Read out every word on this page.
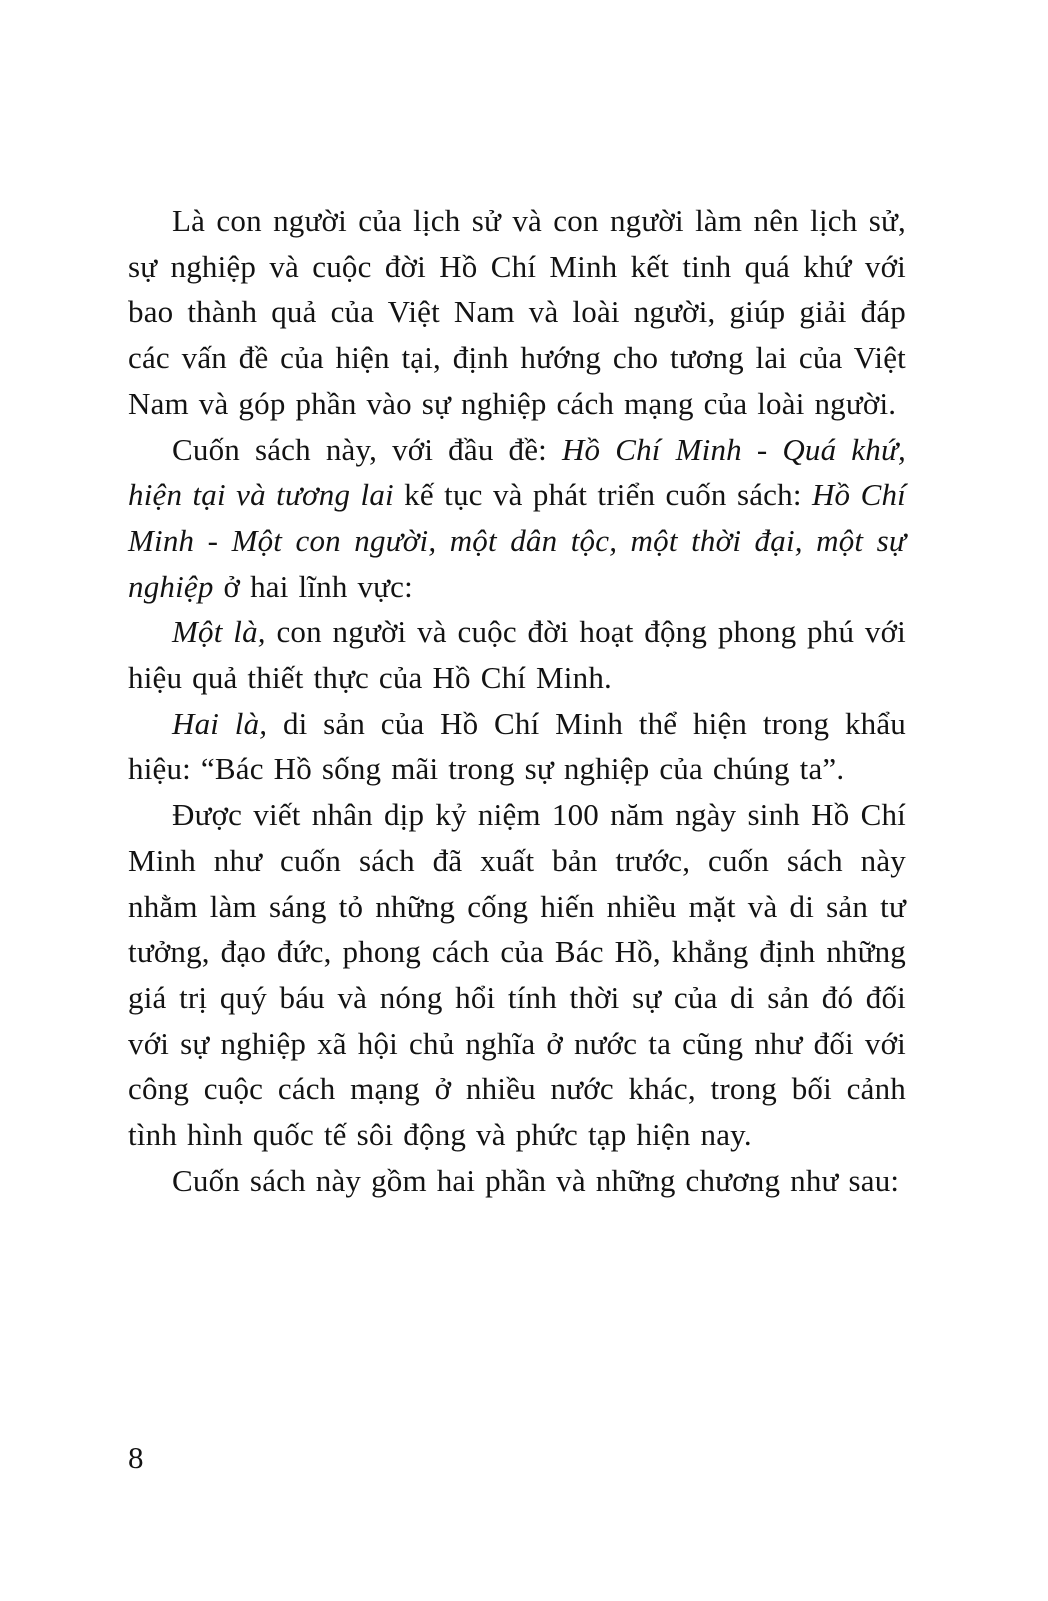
Là con người của lịch sử và con người làm nên lịch sử, sự nghiệp và cuộc đời Hồ Chí Minh kết tinh quá khứ với bao thành quả của Việt Nam và loài người, giúp giải đáp các vấn đề của hiện tại, định hướng cho tương lai của Việt Nam và góp phần vào sự nghiệp cách mạng của loài người.

Cuốn sách này, với đầu đề: Hồ Chí Minh - Quá khứ, hiện tại và tương lai kế tục và phát triển cuốn sách: Hồ Chí Minh - Một con người, một dân tộc, một thời đại, một sự nghiệp ở hai lĩnh vực:

Một là, con người và cuộc đời hoạt động phong phú với hiệu quả thiết thực của Hồ Chí Minh.

Hai là, di sản của Hồ Chí Minh thể hiện trong khẩu hiệu: “Bác Hồ sống mãi trong sự nghiệp của chúng ta”.

Được viết nhân dịp kỷ niệm 100 năm ngày sinh Hồ Chí Minh như cuốn sách đã xuất bản trước, cuốn sách này nhằm làm sáng tỏ những cống hiến nhiều mặt và di sản tư tưởng, đạo đức, phong cách của Bác Hồ, khẳng định những giá trị quý báu và nóng hổi tính thời sự của di sản đó đối với sự nghiệp xã hội chủ nghĩa ở nước ta cũng như đối với công cuộc cách mạng ở nhiều nước khác, trong bối cảnh tình hình quốc tế sôi động và phức tạp hiện nay.

Cuốn sách này gồm hai phần và những chương như sau:

8
